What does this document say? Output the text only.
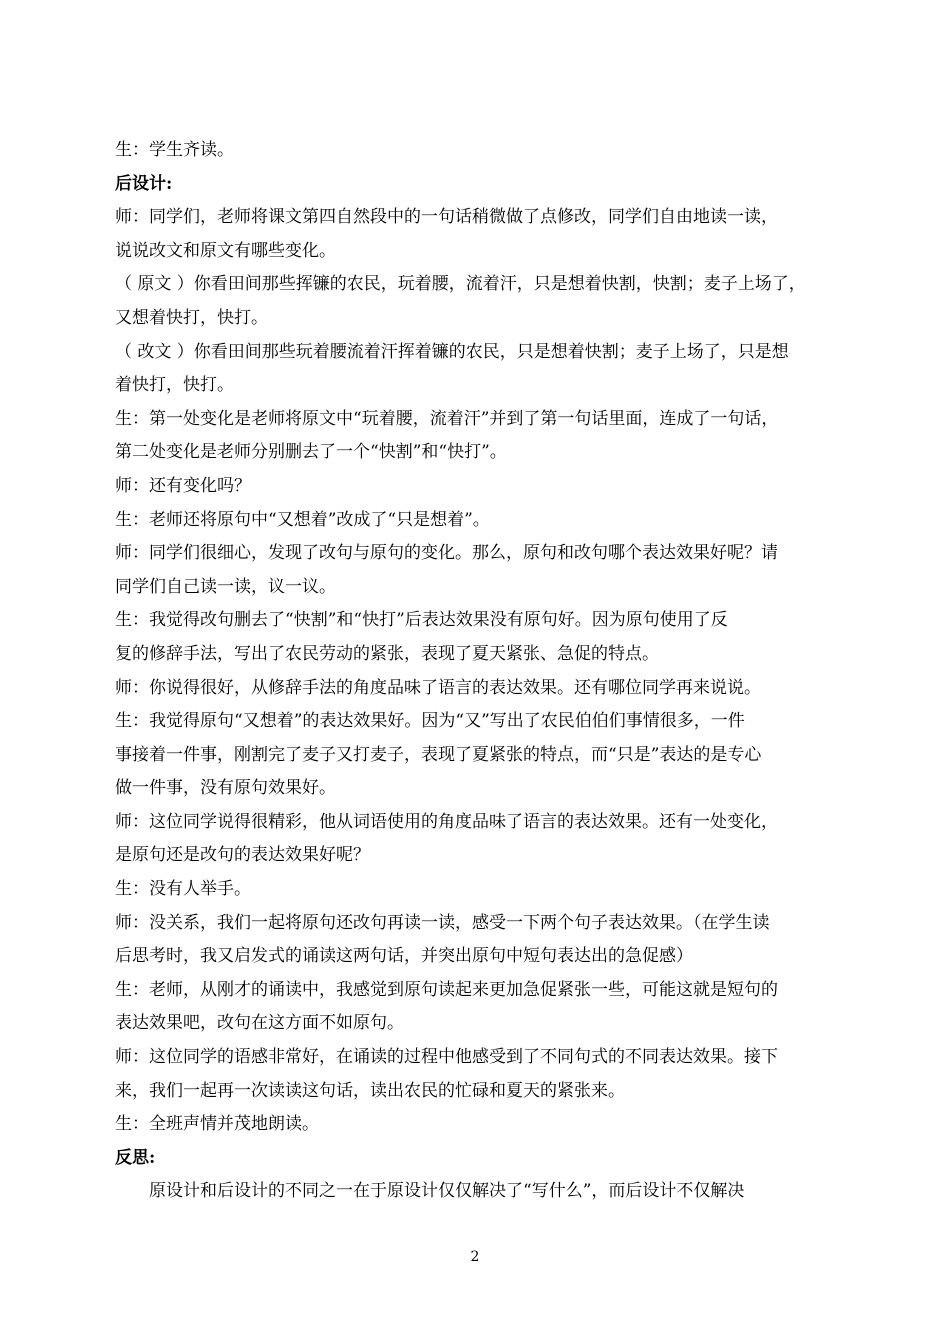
生：学生齐读。
后设计:
师：同学们，老师将课文第四自然段中的一句话稍微做了点修改，同学们自由地读一读，
说说改文和原文有哪些变化。
（ 原文 ）你看田间那些挥镰的农民，玩着腰，流着汗，只是想着快割，快割；麦子上场了，
又想着快打，快打。
（ 改文 ）你看田间那些玩着腰流着汗挥着镰的农民，只是想着快割；麦子上场了，只是想
着快打，快打。
生：第一处变化是老师将原文中“玩着腰，流着汗”并到了第一句话里面，连成了一句话，
第二处变化是老师分别删去了一个“快割”和“快打”。
师：还有变化吗？
生：老师还将原句中“又想着”改成了“只是想着”。
师：同学们很细心，发现了改句与原句的变化。那么，原句和改句哪个表达效果好呢？请
同学们自己读一读，议一议。
生：我觉得改句删去了“快割”和“快打”后表达效果没有原句好。因为原句使用了反
复的修辞手法，写出了农民劳动的紧张，表现了夏天紧张、急促的特点。
师：你说得很好，从修辞手法的角度品味了语言的表达效果。还有哪位同学再来说说。
生：我觉得原句“又想着”的表达效果好。因为“又”写出了农民伯伯们事情很多，一件
事接着一件事，刚割完了麦子又打麦子，表现了夏紧张的特点，而“只是”表达的是专心
做一件事，没有原句效果好。
师：这位同学说得很精彩，他从词语使用的角度品味了语言的表达效果。还有一处变化，
是原句还是改句的表达效果好呢？
生：没有人举手。
师：没关系，我们一起将原句还改句再读一读，感受一下两个句子表达效果。（在学生读
后思考时，我又启发式的诵读这两句话，并突出原句中短句表达出的急促感）
生：老师，从刚才的诵读中，我感觉到原句读起来更加急促紧张一些，可能这就是短句的
表达效果吧，改句在这方面不如原句。
师：这位同学的语感非常好，在诵读的过程中他感受到了不同句式的不同表达效果。接下
来，我们一起再一次读读这句话，读出农民的忙碌和夏天的紧张来。
生：全班声情并茂地朗读。
反思:
原设计和后设计的不同之一在于原设计仅仅解决了“写什么”，而后设计不仅解决
2
